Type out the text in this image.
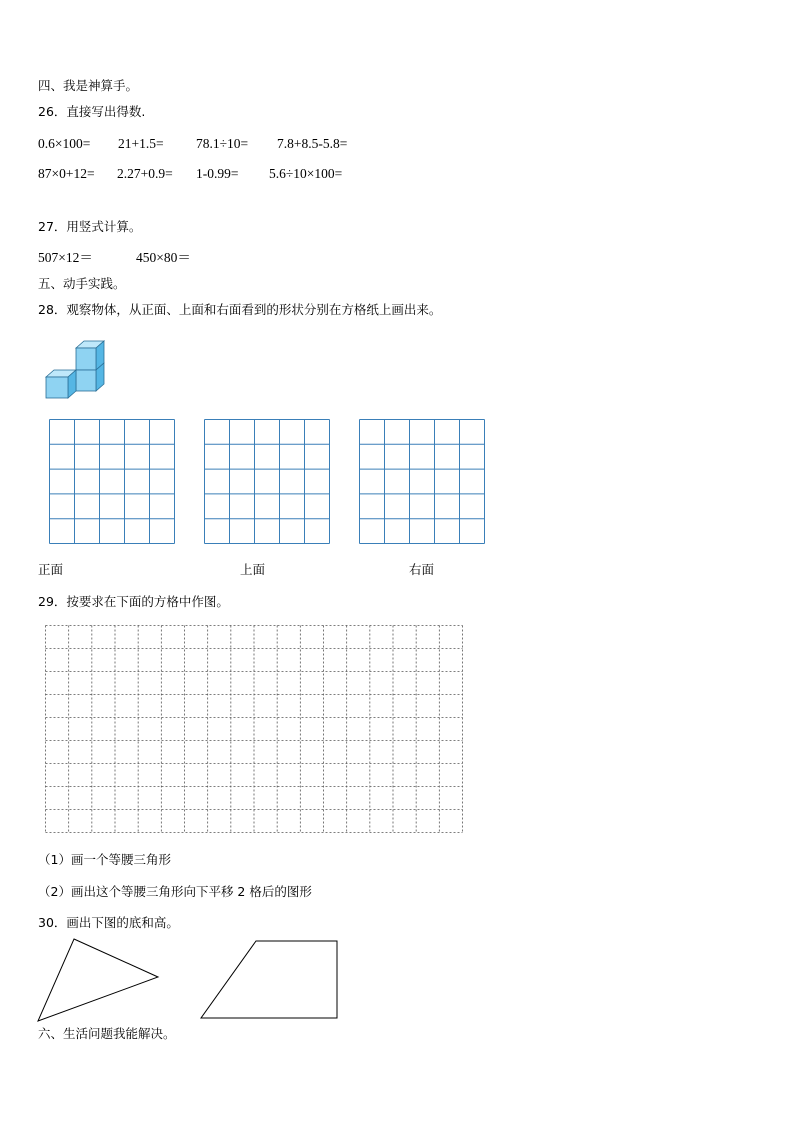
四、我是神算手。
26．直接写出得数.
0.6×100= 21+1.5= 78.1÷10= 7.8+8.5-5.8=
87×0+12= 2.27+0.9= 1-0.99= 5.6÷10×100=
27．用竖式计算。
507×12＝	450×80＝
五、动手实践。
28．观察物体，从正面、上面和右面看到的形状分别在方格纸上画出来。
正面	上面	右面
29．按要求在下面的方格中作图。
（1）画一个等腰三角形
（2）画出这个等腰三角形向下平移 2 格后的图形
30．画出下图的底和高。
六、生活问题我能解决。
